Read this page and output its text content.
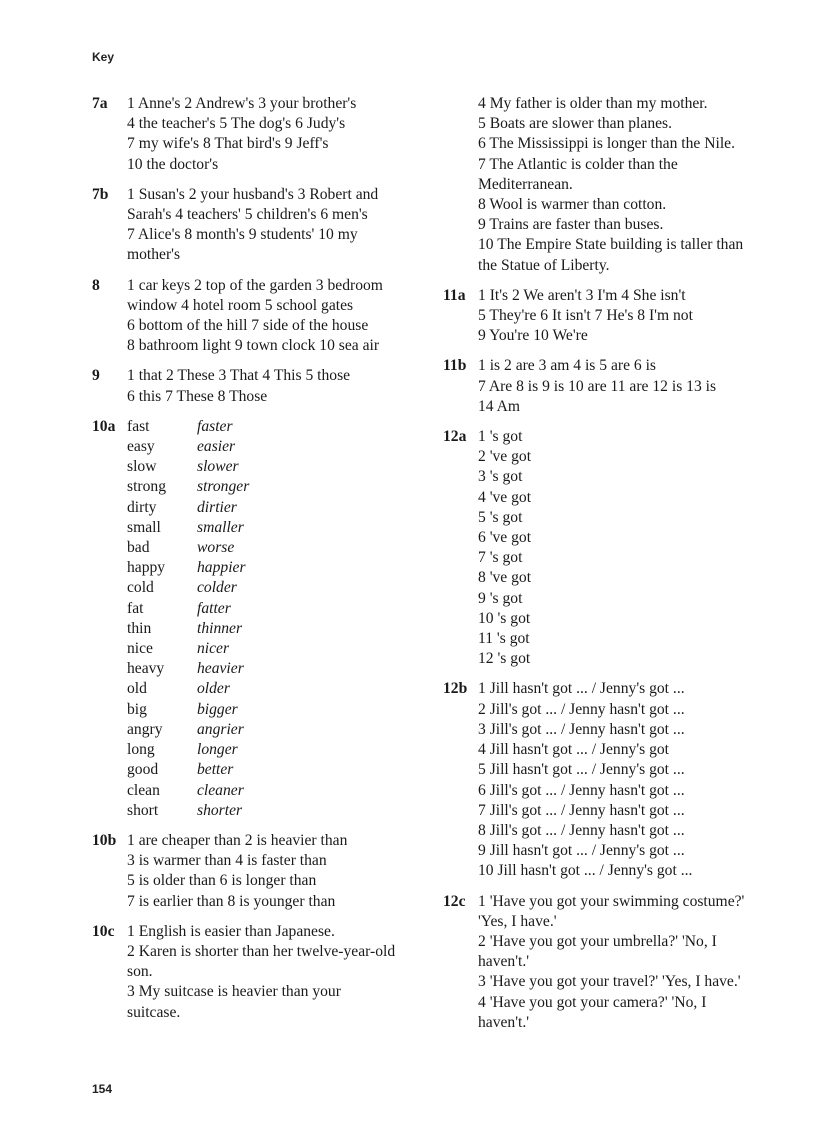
Key
7a 1 Anne's 2 Andrew's 3 your brother's
4 the teacher's 5 The dog's 6 Judy's
7 my wife's 8 That bird's 9 Jeff's
10 the doctor's
7b 1 Susan's 2 your husband's 3 Robert and
Sarah's 4 teachers' 5 children's 6 men's
7 Alice's 8 month's 9 students' 10 my
mother's
8 1 car keys 2 top of the garden 3 bedroom
window 4 hotel room 5 school gates
6 bottom of the hill 7 side of the house
8 bathroom light 9 town clock 10 sea air
9 1 that 2 These 3 That 4 This 5 those
6 this 7 These 8 Those
10a fast	faster
easy	easier
slow	slower
strong	stronger
dirty	dirtier
small	smaller
bad	worse
happy	happier
cold	colder
fat	fatter
thin	thinner
nice	nicer
heavy	heavier
old	older
big	bigger
angry	angrier
long	longer
good	better
clean	cleaner
short	shorter
10b 1 are cheaper than 2 is heavier than
3 is warmer than 4 is faster than
5 is older than 6 is longer than
7 is earlier than 8 is younger than
10c 1 English is easier than Japanese.
2 Karen is shorter than her twelve-year-old
son.
3 My suitcase is heavier than your
suitcase.
4 My father is older than my mother.
5 Boats are slower than planes.
6 The Mississippi is longer than the Nile.
7 The Atlantic is colder than the
Mediterranean.
8 Wool is warmer than cotton.
9 Trains are faster than buses.
10 The Empire State building is taller than
the Statue of Liberty.
11a 1 It's 2 We aren't 3 I'm 4 She isn't
5 They're 6 It isn't 7 He's 8 I'm not
9 You're 10 We're
11b 1 is 2 are 3 am 4 is 5 are 6 is
7 Are 8 is 9 is 10 are 11 are 12 is 13 is
14 Am
12a 1 's got
2 've got
3 's got
4 've got
5 's got
6 've got
7 's got
8 've got
9 's got
10 's got
11 's got
12 's got
12b 1 Jill hasn't got ... / Jenny's got ...
2 Jill's got ... / Jenny hasn't got ...
3 Jill's got ... / Jenny hasn't got ...
4 Jill hasn't got ... / Jenny's got
5 Jill hasn't got ... / Jenny's got ...
6 Jill's got ... / Jenny hasn't got ...
7 Jill's got ... / Jenny hasn't got ...
8 Jill's got ... / Jenny hasn't got ...
9 Jill hasn't got ... / Jenny's got ...
10 Jill hasn't got ... / Jenny's got ...
12c 1 'Have you got your swimming costume?'
'Yes, I have.'
2 'Have you got your umbrella?' 'No, I
haven't.'
3 'Have you got your travel?' 'Yes, I have.'
4 'Have you got your camera?' 'No, I
haven't.'
154
